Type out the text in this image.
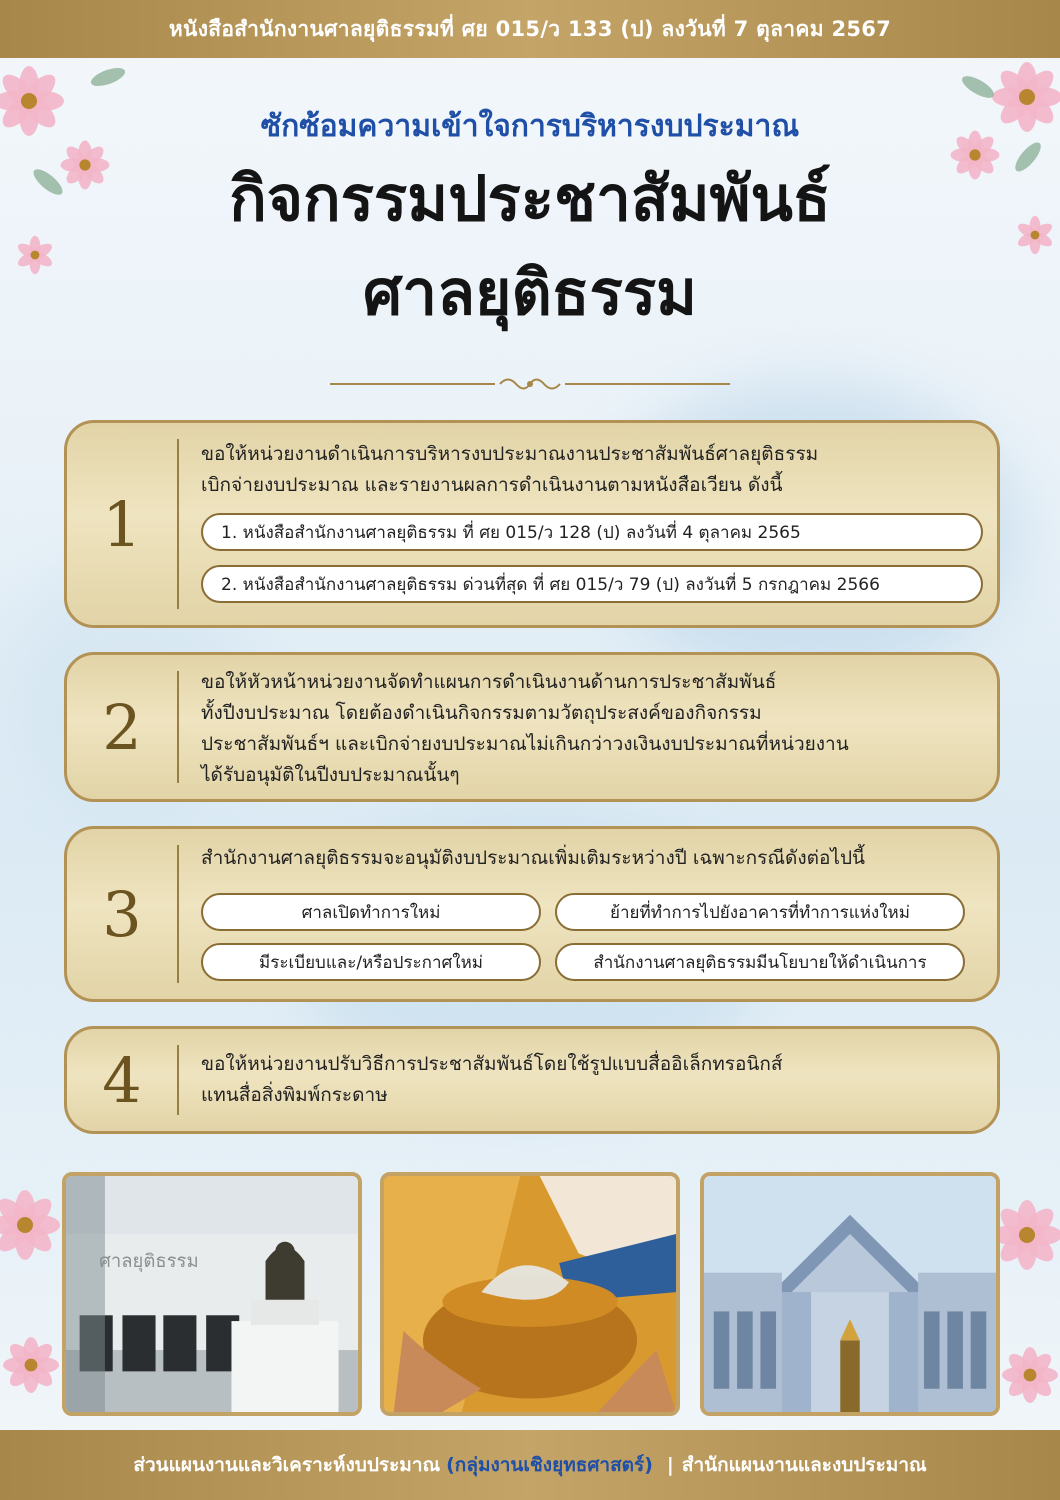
หนังสือสำนักงานศาลยุติธรรมที่ ศย 015/ว 133 (ป) ลงวันที่ 7 ตุลาคม 2567
ซักซ้อมความเข้าใจการบริหารงบประมาณ
กิจกรรมประชาสัมพันธ์
ศาลยุติธรรม
1
ขอให้หน่วยงานดำเนินการบริหารงบประมาณงานประชาสัมพันธ์ศาลยุติธรรม
เบิกจ่ายงบประมาณ และรายงานผลการดำเนินงานตามหนังสือเวียน ดังนี้
1. หนังสือสำนักงานศาลยุติธรรม ที่ ศย 015/ว 128 (ป) ลงวันที่ 4 ตุลาคม 2565
2. หนังสือสำนักงานศาลยุติธรรม ด่วนที่สุด ที่ ศย 015/ว 79 (ป) ลงวันที่ 5 กรกฎาคม 2566
2
ขอให้หัวหน้าหน่วยงานจัดทำแผนการดำเนินงานด้านการประชาสัมพันธ์
ทั้งปีงบประมาณ โดยต้องดำเนินกิจกรรมตามวัตถุประสงค์ของกิจกรรม
ประชาสัมพันธ์ฯ และเบิกจ่ายงบประมาณไม่เกินกว่าวงเงินงบประมาณที่หน่วยงาน
ได้รับอนุมัติในปีงบประมาณนั้นๆ
3
สำนักงานศาลยุติธรรมจะอนุมัติงบประมาณเพิ่มเติมระหว่างปี เฉพาะกรณีดังต่อไปนี้
ศาลเปิดทำการใหม่	ย้ายที่ทำการไปยังอาคารที่ทำการแห่งใหม่
มีระเบียบและ/หรือประกาศใหม่	สำนักงานศาลยุติธรรมมีนโยบายให้ดำเนินการ
4	ขอให้หน่วยงานปรับวิธีการประชาสัมพันธ์โดยใช้รูปแบบสื่ออิเล็กทรอนิกส์
แทนสื่อสิ่งพิมพ์กระดาษ
ศาลยุติธรรม
ส่วนแผนงานและวิเคราะห์งบประมาณ (กลุ่มงานเชิงยุทธศาสตร์) | สำนักแผนงานและงบประมาณ
